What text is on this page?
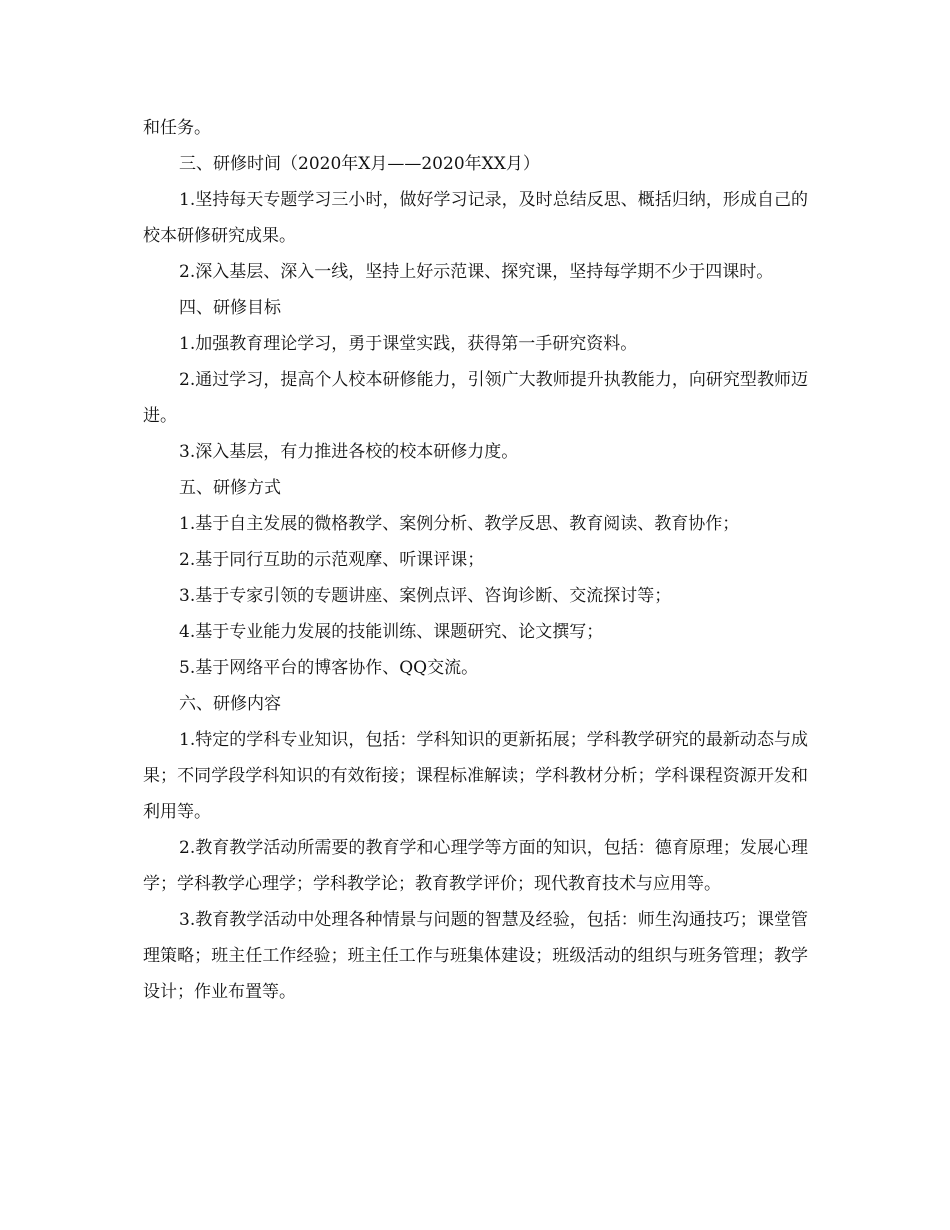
和任务。

三、研修时间（2020年X月——2020年XX月）

1.坚持每天专题学习三小时，做好学习记录，及时总结反思、概括归纳，形成自己的校本研修研究成果。

2.深入基层、深入一线，坚持上好示范课、探究课，坚持每学期不少于四课时。

四、研修目标

1.加强教育理论学习，勇于课堂实践，获得第一手研究资料。

2.通过学习，提高个人校本研修能力，引领广大教师提升执教能力，向研究型教师迈进。

3.深入基层，有力推进各校的校本研修力度。

五、研修方式

1.基于自主发展的微格教学、案例分析、教学反思、教育阅读、教育协作；

2.基于同行互助的示范观摩、听课评课；

3.基于专家引领的专题讲座、案例点评、咨询诊断、交流探讨等；

4.基于专业能力发展的技能训练、课题研究、论文撰写；

5.基于网络平台的博客协作、QQ交流。

六、研修内容

1.特定的学科专业知识，包括：学科知识的更新拓展；学科教学研究的最新动态与成果；不同学段学科知识的有效衔接；课程标准解读；学科教材分析；学科课程资源开发和利用等。

2.教育教学活动所需要的教育学和心理学等方面的知识，包括：德育原理；发展心理学；学科教学心理学；学科教学论；教育教学评价；现代教育技术与应用等。

3.教育教学活动中处理各种情景与问题的智慧及经验，包括：师生沟通技巧；课堂管理策略；班主任工作经验；班主任工作与班集体建设；班级活动的组织与班务管理；教学设计；作业布置等。
